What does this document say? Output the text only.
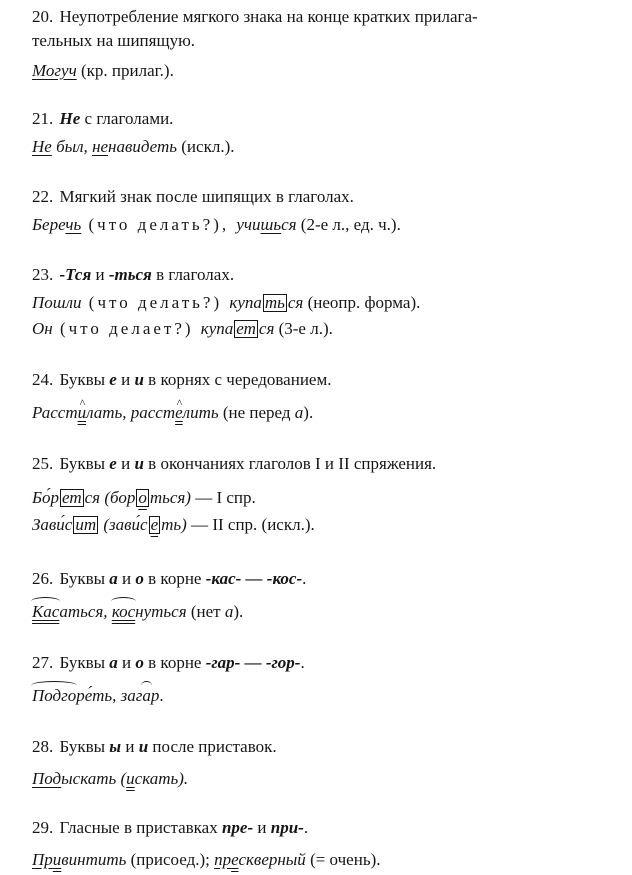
20. Неупотребление мягкого знака на конце кратких прилага-
тельных на шипящую.
Могуч (кр. прилаг.).
21. Не с глаголами.
Не был, ненавидеть (искл.).
22. Мягкий знак после шипящих в глаголах.
Беречь (что делать?), учишься (2-е л., ед. ч.).
23. -Тся и -ться в глаголах.
Пошли (что делать?) купа ть ся (неопр. форма).
Он (что делает?) купа ет ся (3-е л.).
24. Буквы е и и в корнях с чередованием.
Расст^ илать, расст^ елить (не перед а).
25. Буквы е и и в окончаниях глаголов I и II спряжения.
Бо́р ет ся (бор о ться) — I спр.
Зави́с ит (зави́с е ть) — II спр. (искл.).
26. Буквы а и о в корне -кас- — -кос-.
Касаться, коснуться (нет а).
27. Буквы а и о в корне -гар- — -гор-.
Подгоре́ть, загар.
28. Буквы ы и и после приставок.
Подыскать (искать).
29. Гласные в приставках пре- и при-.
Привинтить (присоед.); прескверный (= очень).
